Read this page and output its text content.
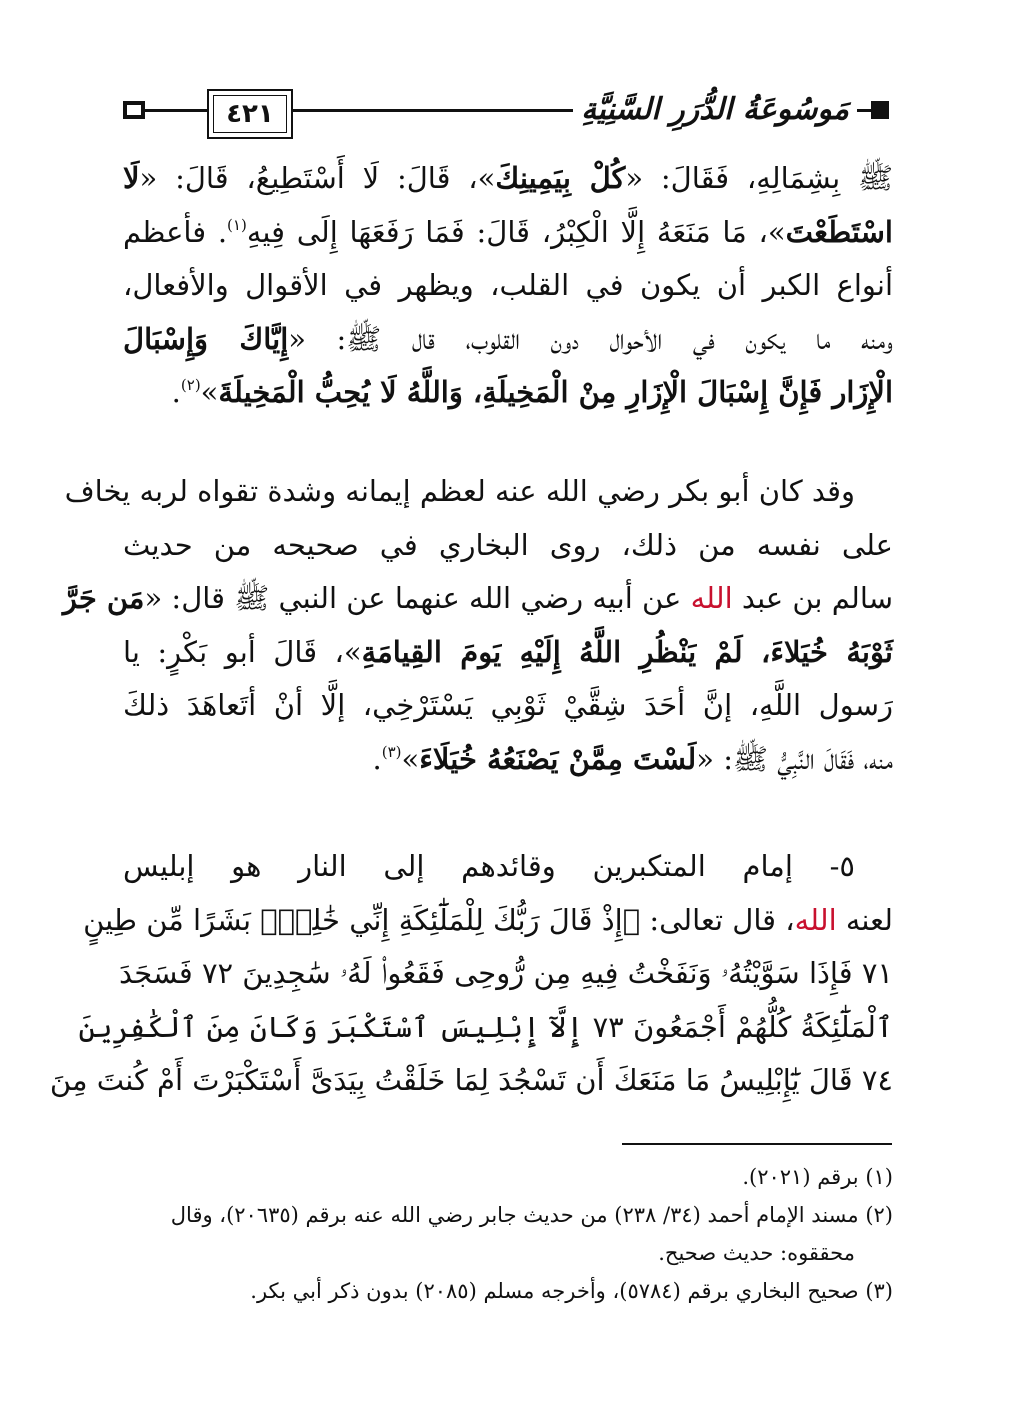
٤٢١	مَوسُوعَةُ الدُّرَرِ السَّنِيَّةِ
ﷺ بِشِمَالِهِ، فَقَالَ: «كُلْ بِيَمِينِكَ»، قَالَ: لَا أَسْتَطِيعُ، قَالَ: «لَا
اسْتَطَعْتَ»، مَا مَنَعَهُ إِلَّا الْكِبْرُ، قَالَ: فَمَا رَفَعَهَا إِلَى فِيهِ$^{(١)}$. فأعظم
أنواع الكبر أن يكون في القلب، ويظهر في الأقوال والأفعال،
ومنه ما يكون في الأحوال دون القلوب، قال ﷺ: «إِيَّاكَ وَإِسْبَالَ
الْإِزَار فَإِنَّ إِسْبَالَ الْإِزَارِ مِنْ الْمَخِيلَةِ، وَاللَّهُ لَا يُحِبُّ الْمَخِيلَةَ»$^{(٢)}$.
وقد كان أبو بكر رضي الله عنه لعظم إيمانه وشدة تقواه لربه يخاف
على نفسه من ذلك، روى البخاري في صحيحه من حديث
سالم بن عبد الله عن أبيه رضي الله عنهما عن النبي ﷺ قال: «مَن جَرَّ
ثَوْبَهُ خُيَلاءَ، لَمْ يَنْظُرِ اللَّهُ إِلَيْهِ يَومَ القِيامَةِ»، قَالَ أبو بَكْرٍ: يا
رَسول اللَّهِ، إنَّ أحَدَ شِقَّيْ ثَوْبِي يَسْتَرْخِي، إلَّا أنْ أتَعاهَدَ ذلكَ
منه، فَقَالَ النَّبِيُّ ﷺ: «لَسْتَ مِمَّنْ يَصْنَعُهُ خُيَلَاءَ»$^{(٣)}$.
٥- إمام المتكبرين وقائدهم إلى النار هو إبليس
لعنه الله، قال تعالى: ﴿إِذْ قَالَ رَبُّكَ لِلْمَلَٰٓئِكَةِ إِنِّي خَٰلِقٌۢ بَشَرًا مِّن طِينٍ
٧١ فَإِذَا سَوَّيْتُهُۥ وَنَفَخْتُ فِيهِ مِن رُّوحِى فَقَعُوا۟ لَهُۥ سَٰجِدِينَ ٧٢ فَسَجَدَ
ٱلْمَلَٰٓئِكَةُ كُلُّهُمْ أَجْمَعُونَ ٧٣ إِلَّآ إِبْلِيسَ ٱسْتَكْبَرَ وَكَانَ مِنَ ٱلْكَٰفِرِينَ
٧٤ قَالَ يَٰٓإِبْلِيسُ مَا مَنَعَكَ أَن تَسْجُدَ لِمَا خَلَقْتُ بِيَدَىَّ أَسْتَكْبَرْتَ أَمْ كُنتَ مِنَ
(١) برقم (٢٠٢١).
(٢) مسند الإمام أحمد (٣٤/ ٢٣٨) من حديث جابر رضي الله عنه برقم (٢٠٦٣٥)، وقال
محققوه: حديث صحيح.
(٣) صحيح البخاري برقم (٥٧٨٤)، وأخرجه مسلم (٢٠٨٥) بدون ذكر أبي بكر.
